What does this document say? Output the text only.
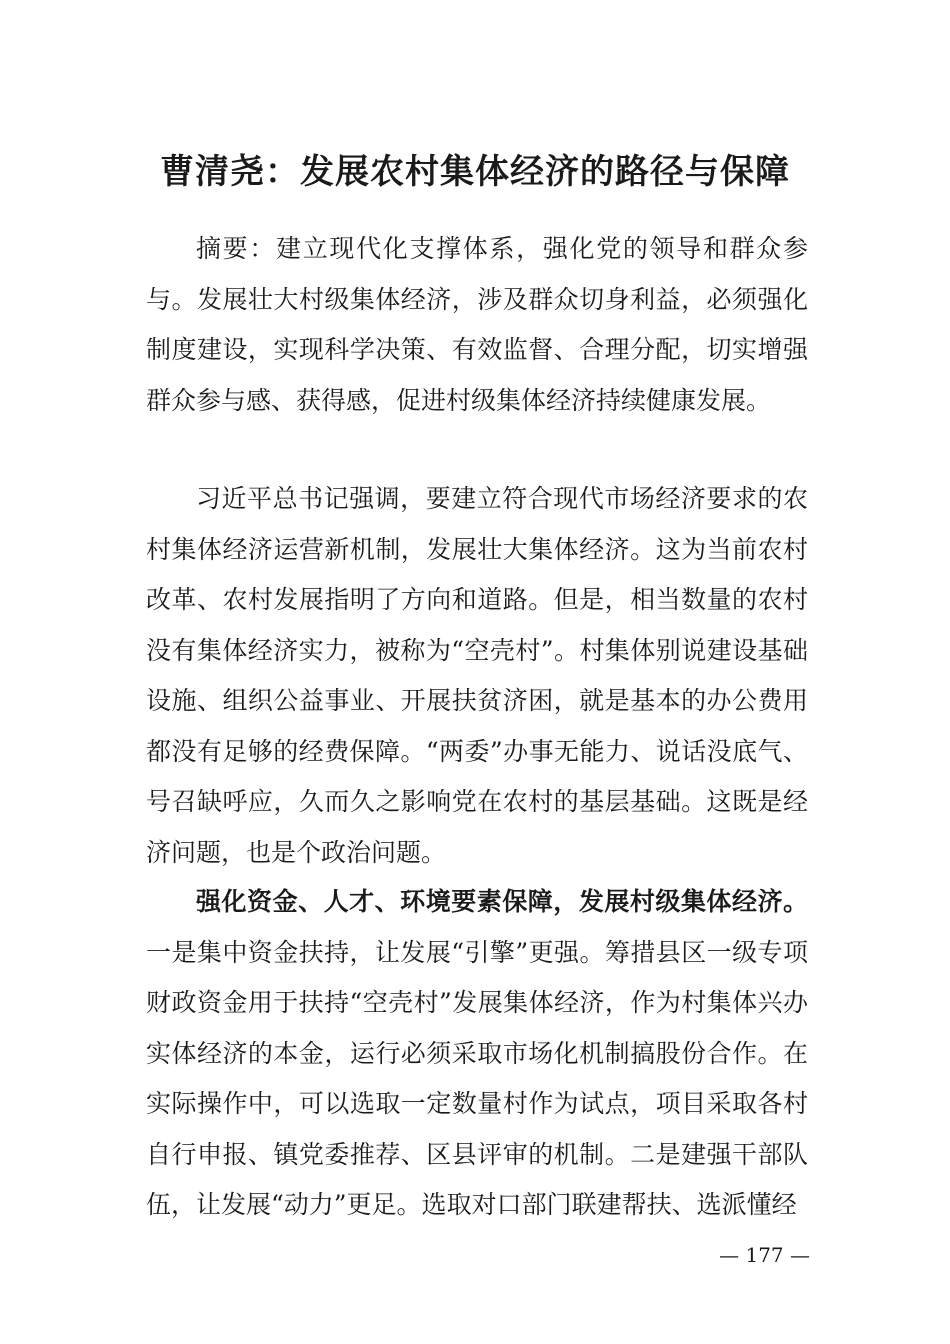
曹清尧：发展农村集体经济的路径与保障

摘要：建立现代化支撑体系，强化党的领导和群众参与。发展壮大村级集体经济，涉及群众切身利益，必须强化制度建设，实现科学决策、有效监督、合理分配，切实增强群众参与感、获得感，促进村级集体经济持续健康发展。

习近平总书记强调，要建立符合现代市场经济要求的农村集体经济运营新机制，发展壮大集体经济。这为当前农村改革、农村发展指明了方向和道路。但是，相当数量的农村没有集体经济实力，被称为“空壳村”。村集体别说建设基础设施、组织公益事业、开展扶贫济困，就是基本的办公费用都没有足够的经费保障。“两委”办事无能力、说话没底气、号召缺呼应，久而久之影响党在农村的基层基础。这既是经济问题，也是个政治问题。

强化资金、人才、环境要素保障，发展村级集体经济。一是集中资金扶持，让发展“引擎”更强。筹措县区一级专项财政资金用于扶持“空壳村”发展集体经济，作为村集体兴办实体经济的本金，运行必须采取市场化机制搞股份合作。在实际操作中，可以选取一定数量村作为试点，项目采取各村自行申报、镇党委推荐、区县评审的机制。二是建强干部队伍，让发展“动力”更足。选取对口部门联建帮扶、选派懂经

— 177 —
